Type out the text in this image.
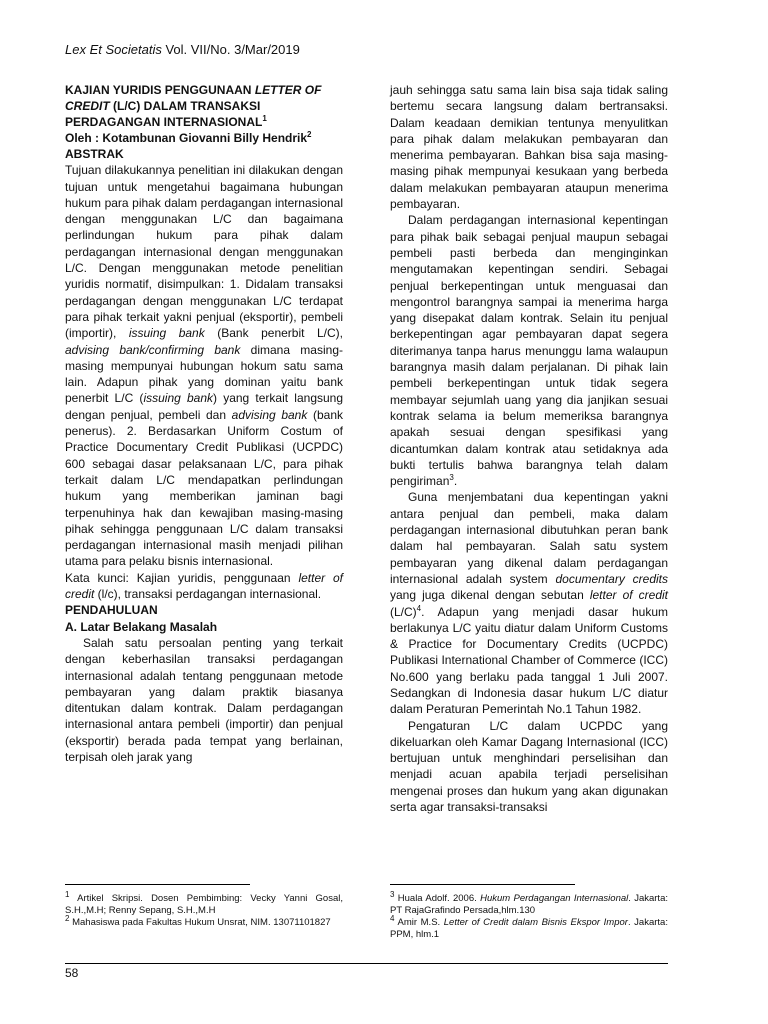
Lex Et Societatis Vol. VII/No. 3/Mar/2019

KAJIAN YURIDIS PENGGUNAAN LETTER OF
CREDIT (L/C) DALAM TRANSAKSI
PERDAGANGAN INTERNASIONAL$^1$
Oleh : Kotambunan Giovanni Billy Hendrik$^2$

ABSTRAK

Tujuan dilakukannya penelitian ini dilakukan dengan tujuan untuk mengetahui bagaimana hubungan hukum para pihak dalam perdagangan internasional dengan menggunakan L/C dan bagaimana perlindungan hukum para pihak dalam perdagangan internasional dengan menggunakan L/C. Dengan menggunakan metode penelitian yuridis normatif, disimpulkan: 1. Didalam transaksi perdagangan dengan menggunakan L/C terdapat para pihak terkait yakni penjual (eksportir), pembeli (importir), issuing bank (Bank penerbit L/C), advising bank/confirming bank dimana masing-masing mempunyai hubungan hokum satu sama lain. Adapun pihak yang dominan yaitu bank penerbit L/C (issuing bank) yang terkait langsung dengan penjual, pembeli dan advising bank (bank penerus). 2. Berdasarkan Uniform Costum of Practice Documentary Credit Publikasi (UCPDC) 600 sebagai dasar pelaksanaan L/C, para pihak terkait dalam L/C mendapatkan perlindungan hukum yang memberikan jaminan bagi terpenuhinya hak dan kewajiban masing-masing pihak sehingga penggunaan L/C dalam transaksi perdagangan internasional masih menjadi pilihan utama para pelaku bisnis internasional.

Kata kunci: Kajian yuridis, penggunaan letter of credit (l/c), transaksi perdagangan internasional.

PENDAHULUAN

A. Latar Belakang Masalah

Salah satu persoalan penting yang terkait dengan keberhasilan transaksi perdagangan internasional adalah tentang penggunaan metode pembayaran yang dalam praktik biasanya ditentukan dalam kontrak. Dalam perdagangan internasional antara pembeli (importir) dan penjual (eksportir) berada pada tempat yang berlainan, terpisah oleh jarak yang

jauh sehingga satu sama lain bisa saja tidak saling bertemu secara langsung dalam bertransaksi. Dalam keadaan demikian tentunya menyulitkan para pihak dalam melakukan pembayaran dan menerima pembayaran. Bahkan bisa saja masing-masing pihak mempunyai kesukaan yang berbeda dalam melakukan pembayaran ataupun menerima pembayaran.

Dalam perdagangan internasional kepentingan para pihak baik sebagai penjual maupun sebagai pembeli pasti berbeda dan menginginkan mengutamakan kepentingan sendiri. Sebagai penjual berkepentingan untuk menguasai dan mengontrol barangnya sampai ia menerima harga yang disepakat dalam kontrak. Selain itu penjual berkepentingan agar pembayaran dapat segera diterimanya tanpa harus menunggu lama walaupun barangnya masih dalam perjalanan. Di pihak lain pembeli berkepentingan untuk tidak segera membayar sejumlah uang yang dia janjikan sesuai kontrak selama ia belum memeriksa barangnya apakah sesuai dengan spesifikasi yang dicantumkan dalam kontrak atau setidaknya ada bukti tertulis bahwa barangnya telah dalam pengiriman$^3$.

Guna menjembatani dua kepentingan yakni antara penjual dan pembeli, maka dalam perdagangan internasional dibutuhkan peran bank dalam hal pembayaran. Salah satu system pembayaran yang dikenal dalam perdagangan internasional adalah system documentary credits yang juga dikenal dengan sebutan letter of credit $(L/C)^4$. Adapun yang menjadi dasar hukum berlakunya L/C yaitu diatur dalam Uniform Customs & Practice for Documentary Credits (UCPDC) Publikasi International Chamber of Commerce (ICC) No.600 yang berlaku pada tanggal 1 Juli 2007. Sedangkan di Indonesia dasar hukum L/C diatur dalam Peraturan Pemerintah No.1 Tahun 1982.

Pengaturan L/C dalam UCPDC yang dikeluarkan oleh Kamar Dagang Internasional (ICC) bertujuan untuk menghindari perselisihan dan menjadi acuan apabila terjadi perselisihan mengenai proses dan hukum yang akan digunakan serta agar transaksi-transaksi

$^1$ Artikel Skripsi. Dosen Pembimbing: Vecky Yanni Gosal, S.H.,M.H; Renny Sepang, S.H.,M.H

$^2$ Mahasiswa pada Fakultas Hukum Unsrat, NIM. 13071101827

$^3$ Huala Adolf. 2006. Hukum Perdagangan Internasional. Jakarta: PT RajaGrafindo Persada,hlm.130

$^4$ Amir M.S. Letter of Credit dalam Bisnis Ekspor Impor. Jakarta: PPM, hlm.1

58
